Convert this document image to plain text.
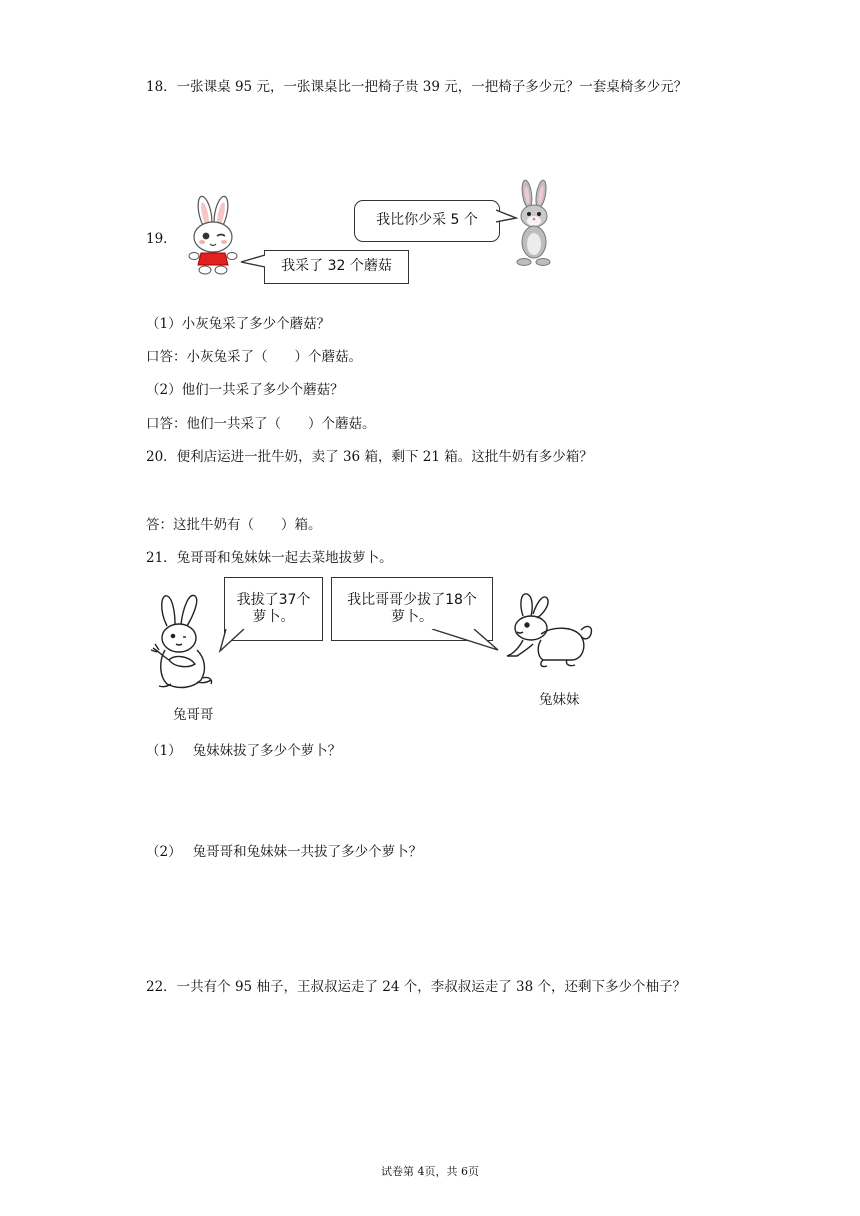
18．一张课桌 95 元，一张课桌比一把椅子贵 39 元，一把椅子多少元？一套桌椅多少元？
19．
我采了 32 个蘑菇
我比你少采 5 个
（1）小灰兔采了多少个蘑菇？
口答：小灰兔采了（　　）个蘑菇。
（2）他们一共采了多少个蘑菇？
口答：他们一共采了（　　）个蘑菇。
20．便利店运进一批牛奶，卖了 36 箱，剩下 21 箱。这批牛奶有多少箱？
答：这批牛奶有（　　）箱。
21．兔哥哥和兔妹妹一起去菜地拔萝卜。
我拔了37个
萝卜。
我比哥哥少拔了18个
萝卜。
兔哥哥
兔妹妹
（1）　 兔妹妹拔了多少个萝卜？
（2）　 兔哥哥和兔妹妹一共拔了多少个萝卜？
22．一共有个 95 柚子，王叔叔运走了 24 个，李叔叔运走了 38 个，还剩下多少个柚子？
试卷第 4页，共 6页
